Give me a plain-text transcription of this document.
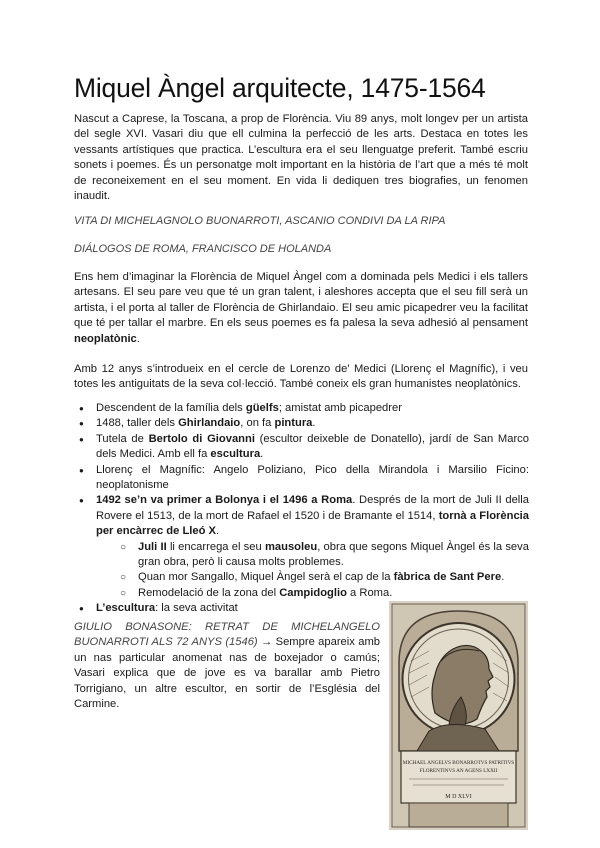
Miquel Àngel arquitecte, 1475-1564

Nascut a Caprese, la Toscana, a prop de Florència. Viu 89 anys, molt longev per un artista del segle XVI. Vasari diu que ell culmina la perfecció de les arts. Destaca en totes les vessants artístiques que practica. L’escultura era el seu llenguatge preferit. També escriu sonets i poemes. És un personatge molt important en la història de l’art que a més té molt de reconeixement en el seu moment. En vida li dediquen tres biografies, un fenomen inaudit.

VITA DI MICHELAGNOLO BUONARROTI, ASCANIO CONDIVI DA LA RIPA

DIÁLOGOS DE ROMA, FRANCISCO DE HOLANDA

Ens hem d’imaginar la Florència de Miquel Àngel com a dominada pels Medici i els tallers artesans. El seu pare veu que té un gran talent, i aleshores accepta que el seu fill serà un artista, i el porta al taller de Florència de Ghirlandaio. El seu amic picapedrer veu la facilitat que té per tallar el marbre. En els seus poemes es fa palesa la seva adhesió al pensament neoplatònic.

Amb 12 anys s’introdueix en el cercle de Lorenzo de’ Medici (Llorenç el Magnífic), i veu totes les antiguitats de la seva col·lecció. També coneix els gran humanistes neoplatònics.

● Descendent de la família dels güelfs; amistat amb picapedrer
● 1488, taller dels Ghirlandaio, on fa pintura.
● Tutela de Bertolo di Giovanni (escultor deixeble de Donatello), jardí de San Marco dels Medici. Amb ell fa escultura.
● Llorenç el Magnífic: Angelo Poliziano, Pico della Mirandola i Marsilio Ficino: neoplatonisme
● 1492 se’n va primer a Bolonya i el 1496 a Roma. Després de la mort de Juli II della Rovere el 1513, de la mort de Rafael el 1520 i de Bramante el 1514, tornà a Florència per encàrrec de Lleó X.
○ Juli II li encarrega el seu mausoleu, obra que segons Miquel Àngel és la seva gran obra, però li causa molts problemes.
○ Quan mor Sangallo, Miquel Àngel serà el cap de la fàbrica de Sant Pere.
○ Remodelació de la zona del Campidoglio a Roma.
● L’escultura: la seva activitat

GIULIO BONASONE: RETRAT DE MICHELANGELO BUONARROTI ALS 72 ANYS (1546) → Sempre apareix amb un nas particular anomenat nas de boxejador o camús; Vasari explica que de jove es va barallar amb Pietro Torrigiano, un altre escultor, en sortir de l’Església del Carmine.

MICHAEL ANGELVS BONARROTVS PATRITIVS
FLORENTINVS AN AGENS LXXII
M D XLVI
